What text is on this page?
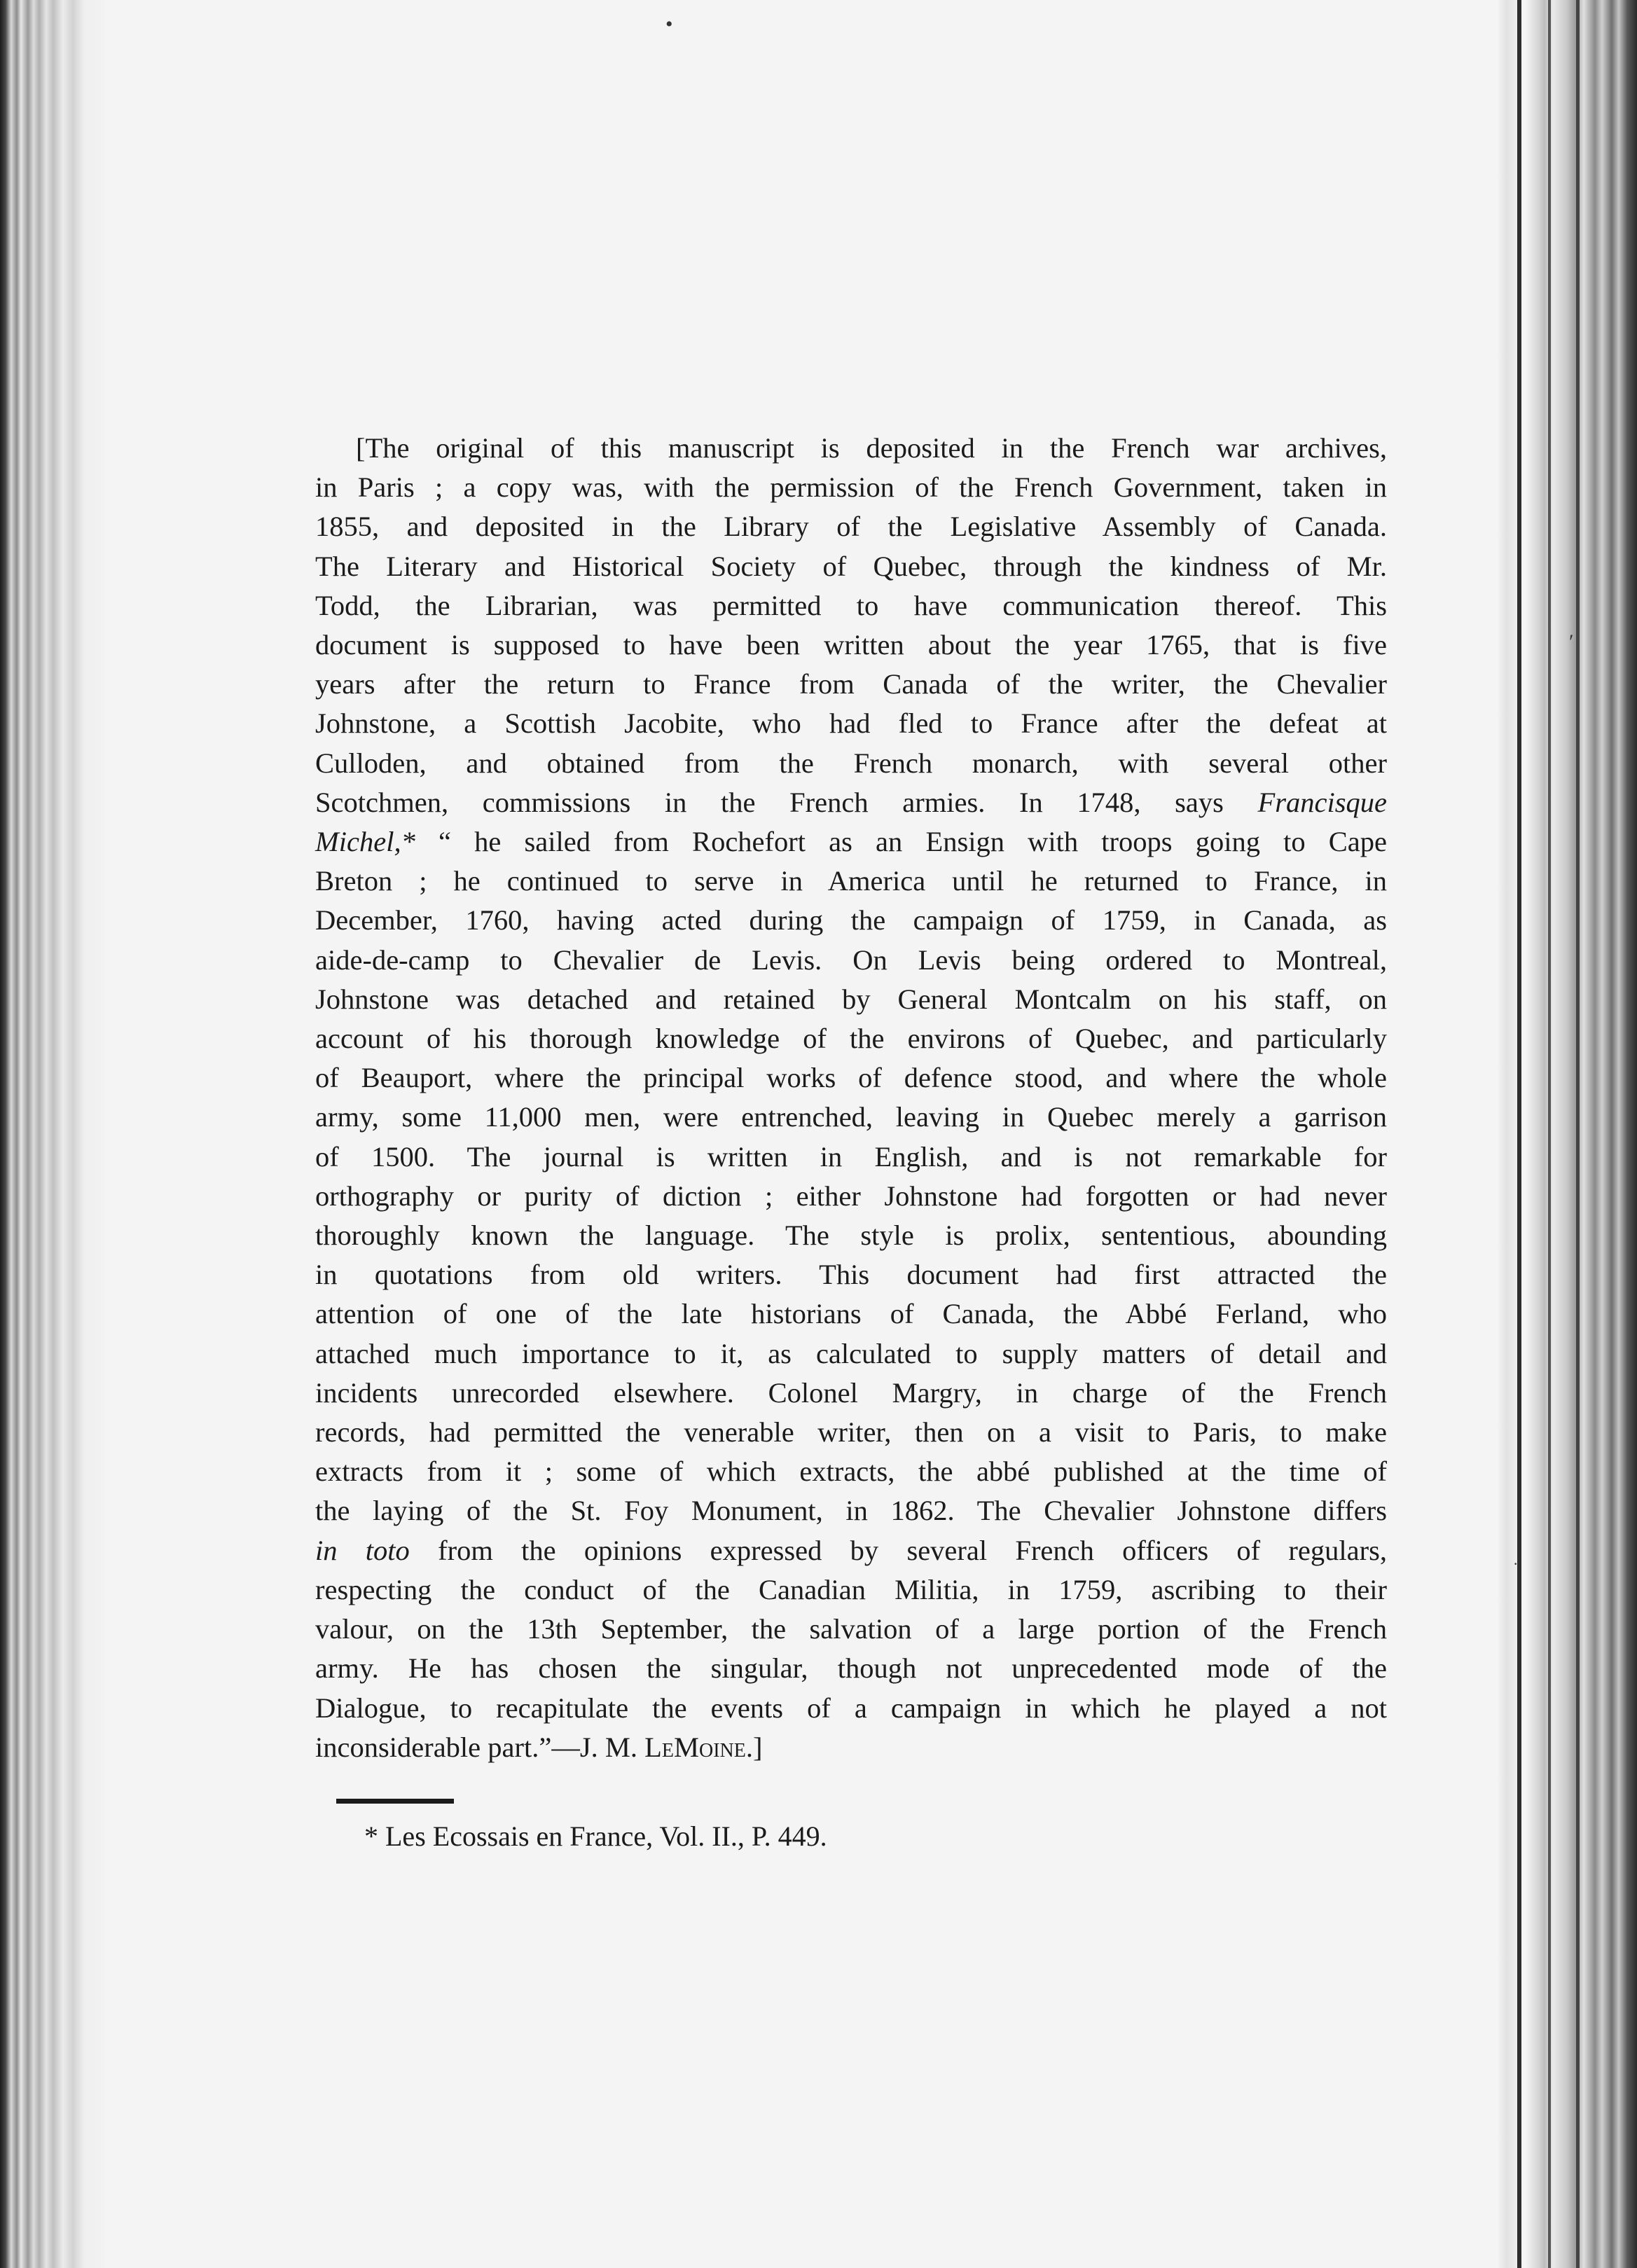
[The original of this manuscript is deposited in the French war archives,
in Paris ; a copy was, with the permission of the French Government, taken in
1855, and deposited in the Library of the Legislative Assembly of Canada.
The Literary and Historical Society of Quebec, through the kindness of Mr.
Todd, the Librarian, was permitted to have communication thereof. This
document is supposed to have been written about the year 1765, that is five
years after the return to France from Canada of the writer, the Chevalier
Johnstone, a Scottish Jacobite, who had fled to France after the defeat at
Culloden, and obtained from the French monarch, with several other
Scotchmen, commissions in the French armies. In 1748, says Francisque
Michel,* “ he sailed from Rochefort as an Ensign with troops going to Cape
Breton ; he continued to serve in America until he returned to France, in
December, 1760, having acted during the campaign of 1759, in Canada, as
aide-de-camp to Chevalier de Levis. On Levis being ordered to Montreal,
Johnstone was detached and retained by General Montcalm on his staff, on
account of his thorough knowledge of the environs of Quebec, and particularly
of Beauport, where the principal works of defence stood, and where the whole
army, some 11,000 men, were entrenched, leaving in Quebec merely a garrison
of 1500. The journal is written in English, and is not remarkable for
orthography or purity of diction ; either Johnstone had forgotten or had never
thoroughly known the language. The style is prolix, sententious, abounding
in quotations from old writers. This document had first attracted the
attention of one of the late historians of Canada, the Abbé Ferland, who
attached much importance to it, as calculated to supply matters of detail and
incidents unrecorded elsewhere. Colonel Margry, in charge of the French
records, had permitted the venerable writer, then on a visit to Paris, to make
extracts from it ; some of which extracts, the abbé published at the time of
the laying of the St. Foy Monument, in 1862. The Chevalier Johnstone differs
in toto from the opinions expressed by several French officers of regulars,
respecting the conduct of the Canadian Militia, in 1759, ascribing to their
valour, on the 13th September, the salvation of a large portion of the French
army. He has chosen the singular, though not unprecedented mode of the
Dialogue, to recapitulate the events of a campaign in which he played a not
inconsiderable part.”—J. M. LeMoine.]
* Les Ecossais en France, Vol. II., P. 449.
•
′
·
